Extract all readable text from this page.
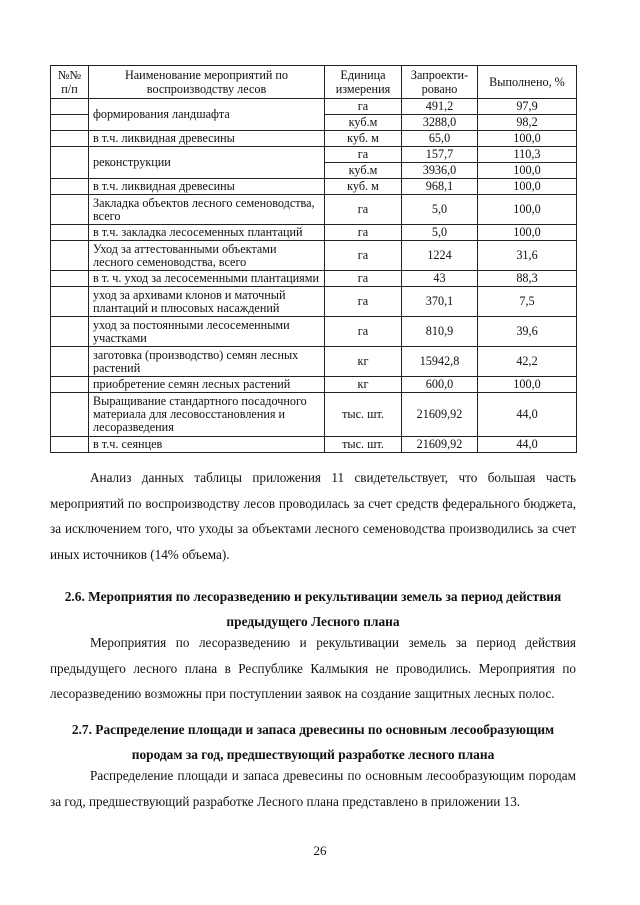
№№ п/п	Наименование мероприятий по воспроизводству лесов	Единица измерения	Запроекти-ровано	Выполнено, %
	формирования ландшафта	га	491,2	97,9
		куб.м	3288,0	98,2
	в т.ч. ликвидная древесины	куб. м	65,0	100,0
	реконструкции	га	157,7	110,3
		куб.м	3936,0	100,0
	в т.ч. ликвидная древесины	куб. м	968,1	100,0
	Закладка объектов лесного семеноводства, всего	га	5,0	100,0
	в т.ч. закладка лесосеменных плантаций	га	5,0	100,0
	Уход за аттестованными объектами лесного семеноводства, всего	га	1224	31,6
	в т. ч. уход за лесосеменными плантациями	га	43	88,3
	уход за архивами клонов и маточный плантаций и плюсовых насаждений	га	370,1	7,5
	уход за постоянными лесосеменными участками	га	810,9	39,6
	заготовка (производство) семян лесных растений	кг	15942,8	42,2
	приобретение семян лесных растений	кг	600,0	100,0
	Выращивание стандартного посадочного материала для лесовосстановления и лесоразведения	тыс. шт.	21609,92	44,0
	в т.ч. сеянцев	тыс. шт.	21609,92	44,0

Анализ данных таблицы приложения 11 свидетельствует, что большая часть мероприятий по воспроизводству лесов проводилась за счет средств федерального бюджета, за исключением того, что уходы за объектами лесного семеноводства производились за счет иных источников (14% объема).

2.6. Мероприятия по лесоразведению и рекультивации земель за период действия предыдущего Лесного плана

Мероприятия по лесоразведению и рекультивации земель за период действия предыдущего лесного плана в Республике Калмыкия не проводились. Мероприятия по лесоразведению возможны при поступлении заявок на создание защитных лесных полос.

2.7. Распределение площади и запаса древесины по основным лесообразующим породам за год, предшествующий разработке лесного плана

Распределение площади и запаса древесины по основным лесообразующим породам за год, предшествующий разработке Лесного плана представлено в приложении 13.

26
